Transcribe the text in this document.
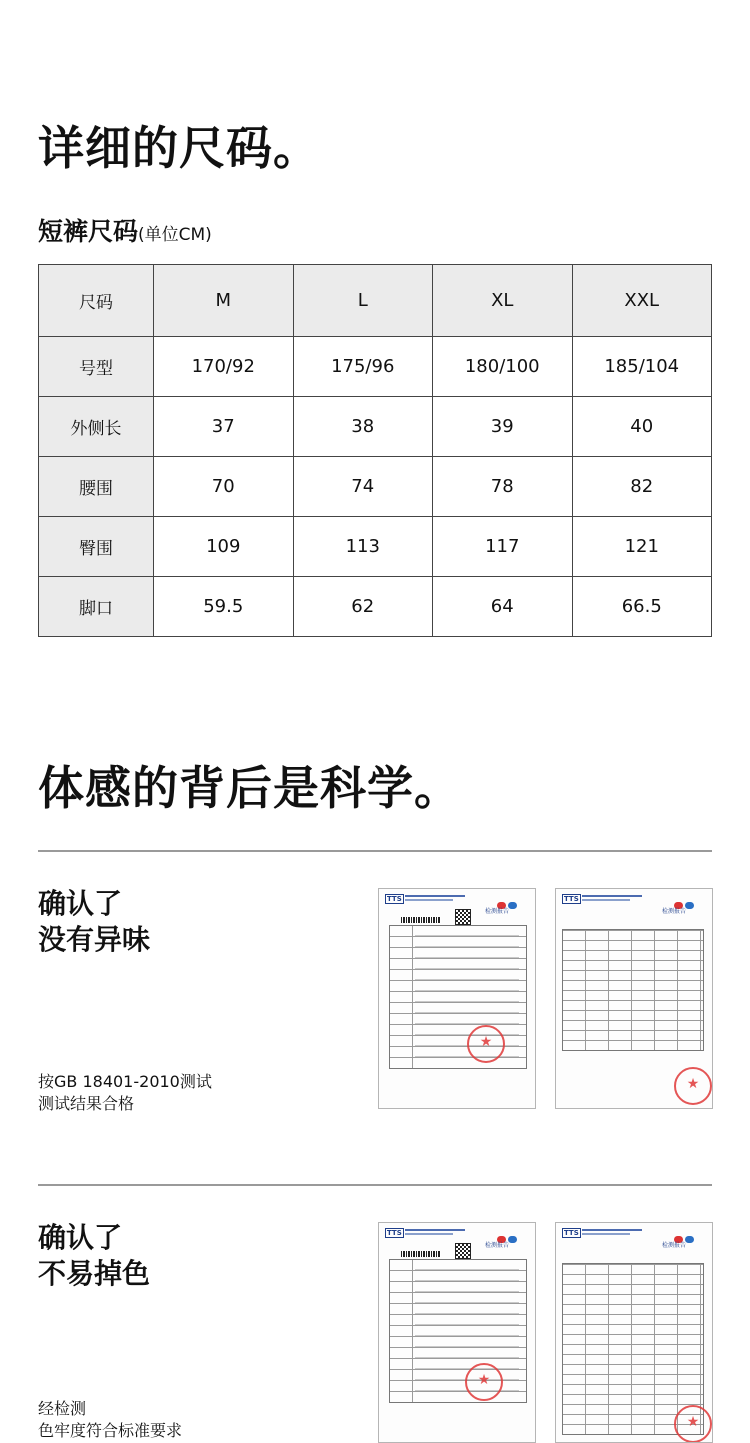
详细的尺码。
短裤尺码(单位CM)
尺码	M	L	XL	XXL
号型	170/92	175/96	180/100	185/104
外侧长	37	38	39	40
腰围	70	74	78	82
臀围	109	113	117	121
脚口	59.5	62	64	66.5
体感的背后是科学。
确认了
没有异味
按GB 18401-2010测试
测试结果合格
TTS
检测报告
★
TTS
检测报告
★
确认了
不易掉色
经检测
色牢度符合标准要求
TTS
检测报告
★
TTS
检测报告
★
